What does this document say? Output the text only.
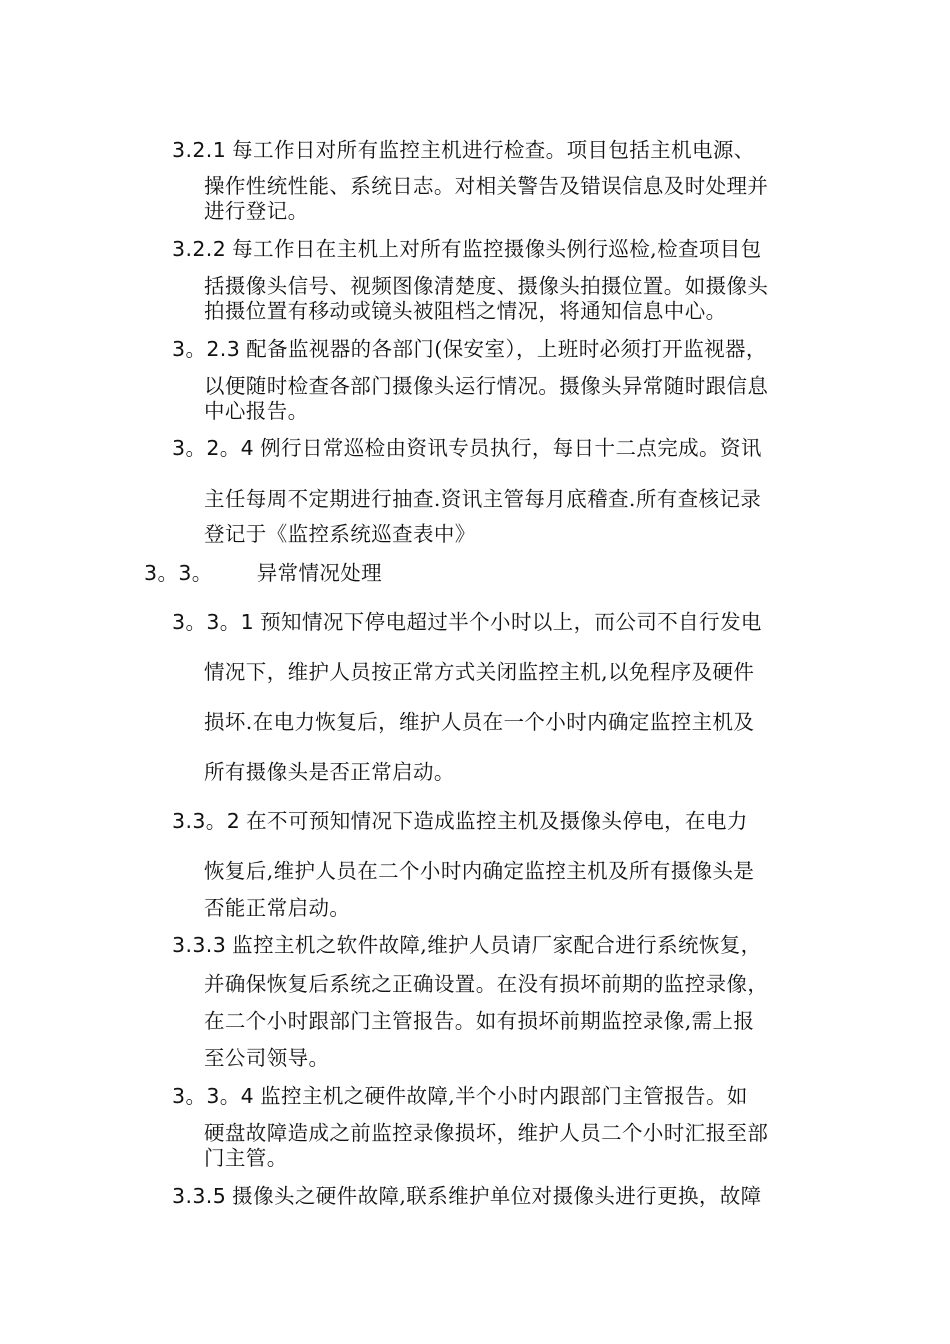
3.2.1 每工作日对所有监控主机进行检查。项目包括主机电源、
操作性统性能、系统日志。对相关警告及错误信息及时处理并
进行登记。
3.2.2 每工作日在主机上对所有监控摄像头例行巡检,检查项目包
括摄像头信号、视频图像清楚度、摄像头拍摄位置。如摄像头
拍摄位置有移动或镜头被阻档之情况，将通知信息中心。
3。2.3 配备监视器的各部门(保安室），上班时必须打开监视器，
以便随时检查各部门摄像头运行情况。摄像头异常随时跟信息
中心报告。
3。2。4 例行日常巡检由资讯专员执行，每日十二点完成。资讯
主任每周不定期进行抽查.资讯主管每月底稽查.所有查核记录
登记于《监控系统巡查表中》
3。3。 异常情况处理
3。3。1 预知情况下停电超过半个小时以上，而公司不自行发电
情况下，维护人员按正常方式关闭监控主机,以免程序及硬件
损坏.在电力恢复后，维护人员在一个小时内确定监控主机及
所有摄像头是否正常启动。
3.3。2 在不可预知情况下造成监控主机及摄像头停电，在电力
恢复后,维护人员在二个小时内确定监控主机及所有摄像头是
否能正常启动。
3.3.3 监控主机之软件故障,维护人员请厂家配合进行系统恢复，
并确保恢复后系统之正确设置。在没有损坏前期的监控录像，
在二个小时跟部门主管报告。如有损坏前期监控录像,需上报
至公司领导。
3。3。4 监控主机之硬件故障,半个小时内跟部门主管报告。如
硬盘故障造成之前监控录像损坏，维护人员二个小时汇报至部
门主管。
3.3.5 摄像头之硬件故障,联系维护单位对摄像头进行更换，故障
